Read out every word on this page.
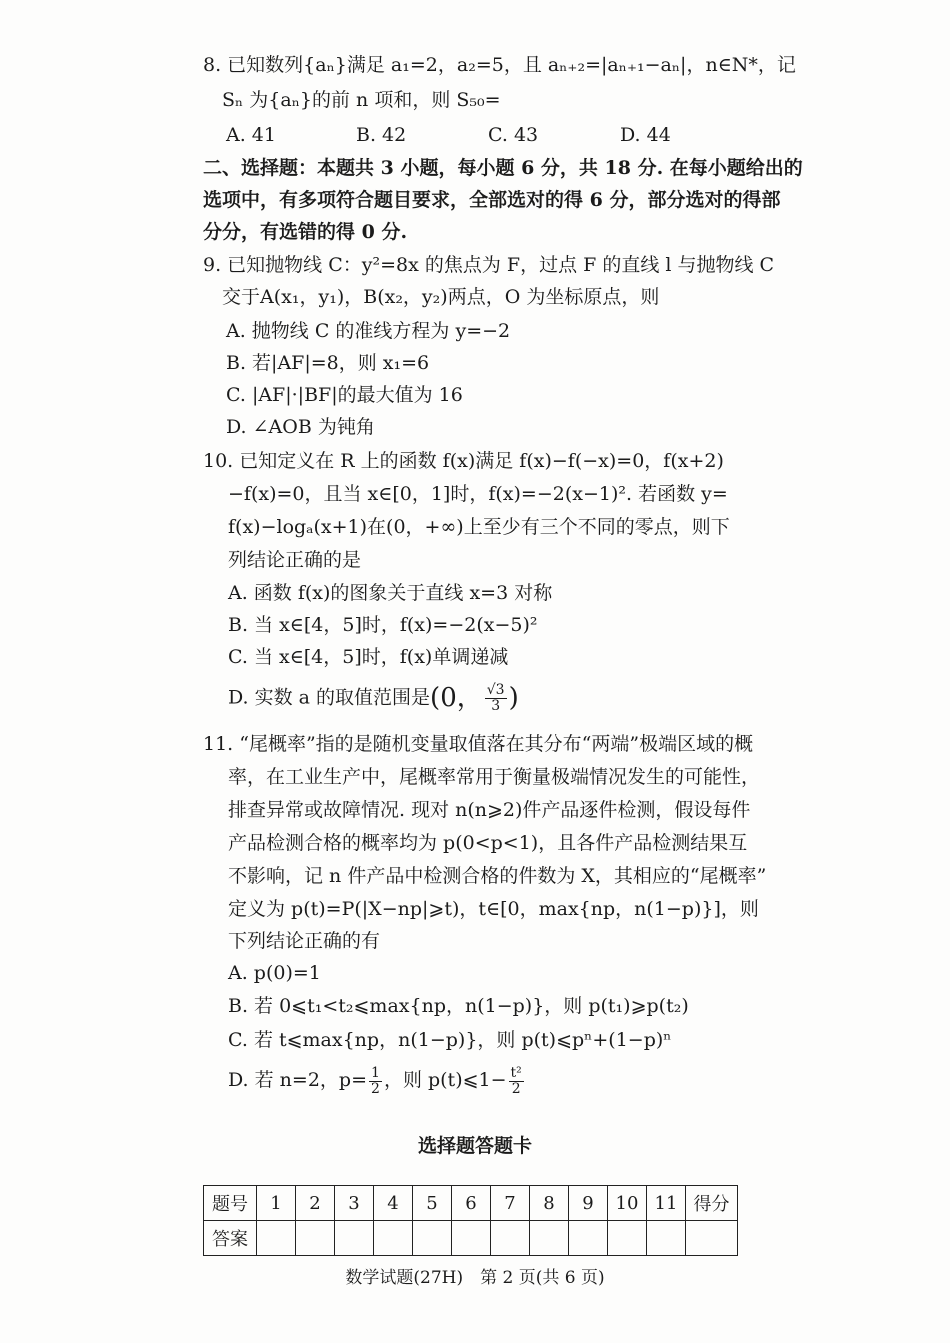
8. 已知数列{aₙ}满足 a₁=2，a₂=5，且 aₙ₊₂=|aₙ₊₁−aₙ|，n∈N*，记
Sₙ 为{aₙ}的前 n 项和，则 S₅₀=
A. 41	B. 42	C. 43	D. 44
二、选择题：本题共 3 小题，每小题 6 分，共 18 分. 在每小题给出的
选项中，有多项符合题目要求，全部选对的得 6 分，部分选对的得部
分分，有选错的得 0 分.
9. 已知抛物线 C：y²=8x 的焦点为 F，过点 F 的直线 l 与抛物线 C
交于A(x₁，y₁)，B(x₂，y₂)两点，O 为坐标原点，则
A. 抛物线 C 的准线方程为 y=−2
B. 若|AF|=8，则 x₁=6
C. |AF|·|BF|的最大值为 16
D. ∠AOB 为钝角
10. 已知定义在 R 上的函数 f(x)满足 f(x)−f(−x)=0，f(x+2)
−f(x)=0，且当 x∈[0，1]时，f(x)=−2(x−1)². 若函数 y=
f(x)−logₐ(x+1)在(0，+∞)上至少有三个不同的零点，则下
列结论正确的是
A. 函数 f(x)的图象关于直线 x=3 对称
B. 当 x∈[4，5]时，f(x)=−2(x−5)²
C. 当 x∈[4，5]时，f(x)单调递减
D. 实数 a 的取值范围是(0， $\frac{√3}{3}$ )
11. “尾概率”指的是随机变量取值落在其分布“两端”极端区域的概
率，在工业生产中，尾概率常用于衡量极端情况发生的可能性，
排查异常或故障情况. 现对 n(n⩾2)件产品逐件检测，假设每件
产品检测合格的概率均为 p(0<p<1)，且各件产品检测结果互
不影响，记 n 件产品中检测合格的件数为 X，其相应的“尾概率”
定义为 p(t)=P(|X−np|⩾t)，t∈[0，max{np，n(1−p)}]，则
下列结论正确的有
A. p(0)=1
B. 若 0⩽t₁<t₂⩽max{np，n(1−p)}，则 p(t₁)⩾p(t₂)
C. 若 t⩽max{np，n(1−p)}，则 p(t)⩽pⁿ+(1−p)ⁿ
D. 若 n=2，$p= \frac{1}{2}$ ，则 p(t)⩽1− $\frac{\text{t²}}{2}$
选择题答题卡
题号	1	2	3	4	5	6	7	8	9	10	11	得分
答案												
数学试题(27H)　第 2 页(共 6 页)
